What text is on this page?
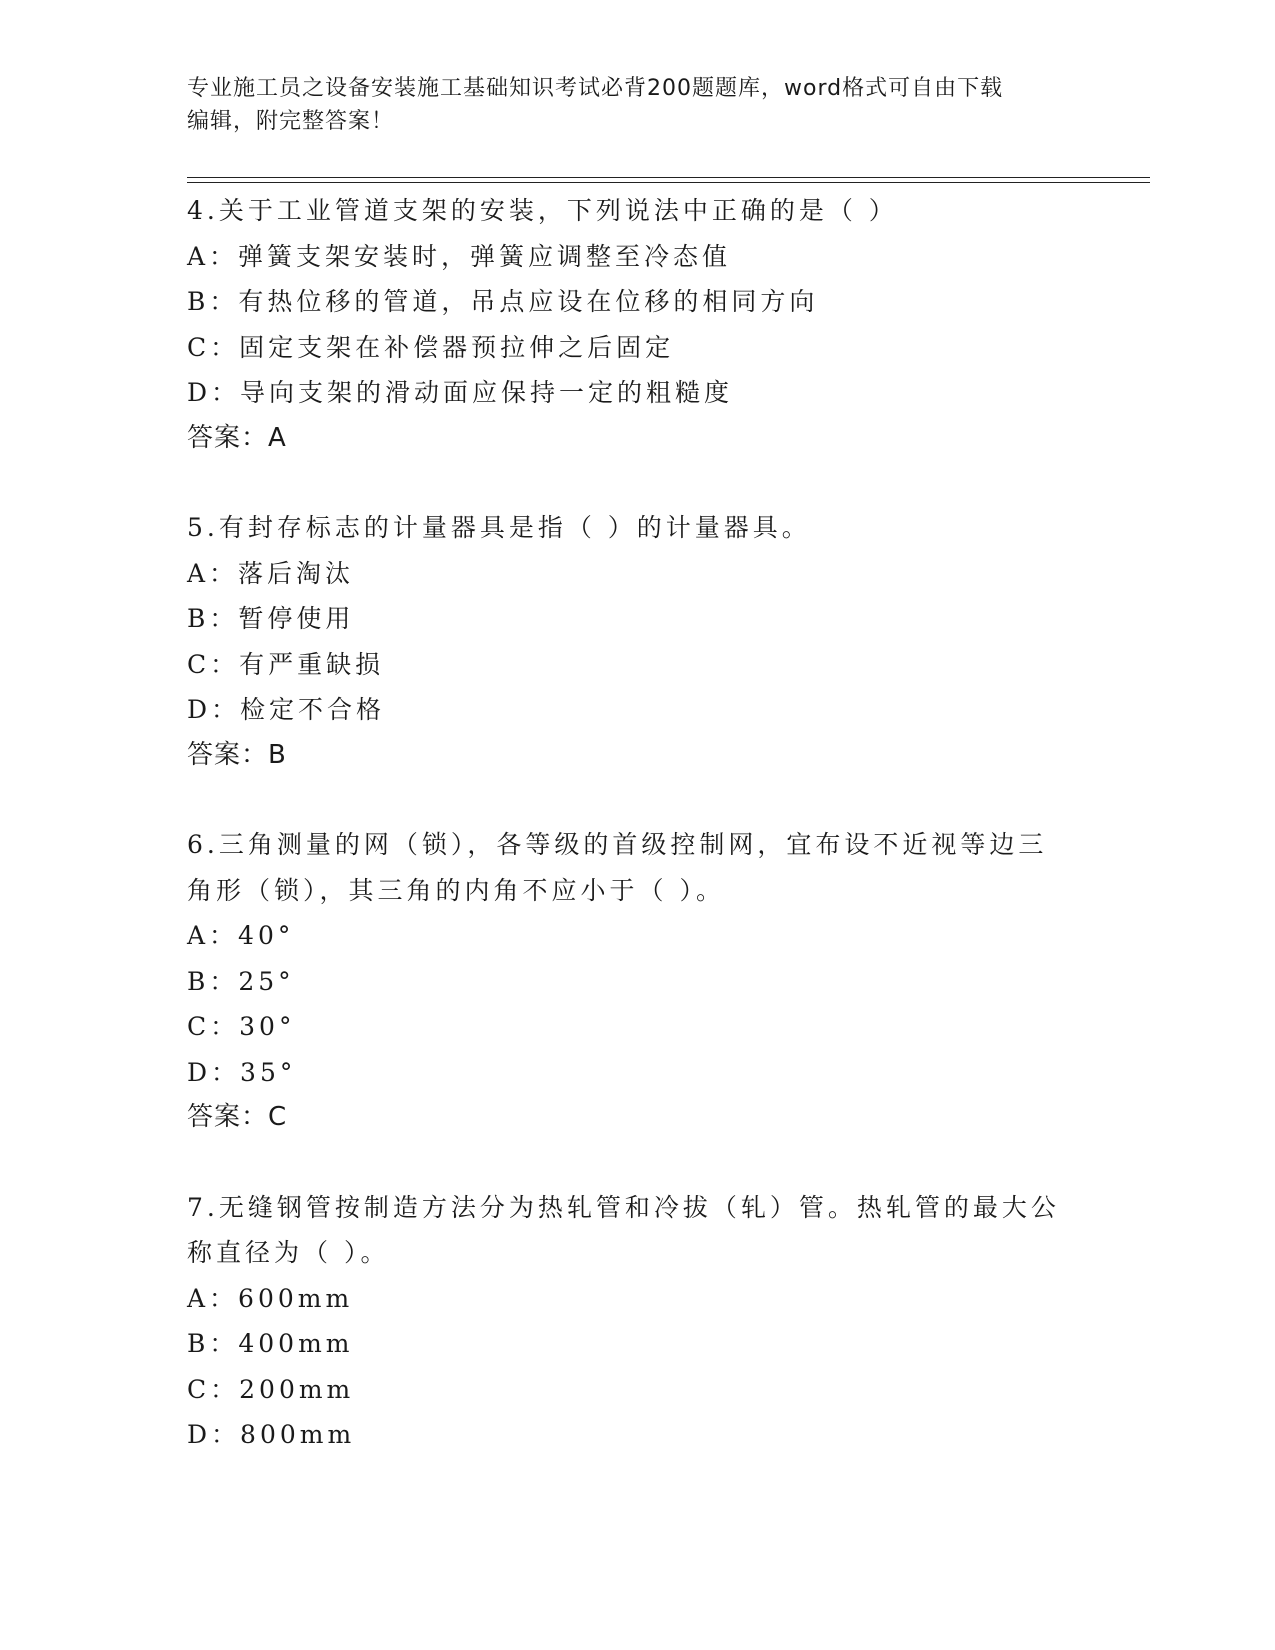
专业施工员之设备安装施工基础知识考试必背200题题库，word格式可自由下载
编辑，附完整答案！
4.关于工业管道支架的安装，下列说法中正确的是（ ）
A：弹簧支架安装时，弹簧应调整至冷态值
B：有热位移的管道，吊点应设在位移的相同方向
C：固定支架在补偿器预拉伸之后固定
D：导向支架的滑动面应保持一定的粗糙度
答案：A
5.有封存标志的计量器具是指（ ）的计量器具。
A：落后淘汰
B：暂停使用
C：有严重缺损
D：检定不合格
答案：B
6.三角测量的网（锁），各等级的首级控制网，宜布设不近视等边三
角形（锁），其三角的内角不应小于（ ）。
A：40°
B：25°
C：30°
D：35°
答案：C
7.无缝钢管按制造方法分为热轧管和冷拔（轧）管。热轧管的最大公
称直径为（ ）。
A：600mm
B：400mm
C：200mm
D：800mm
